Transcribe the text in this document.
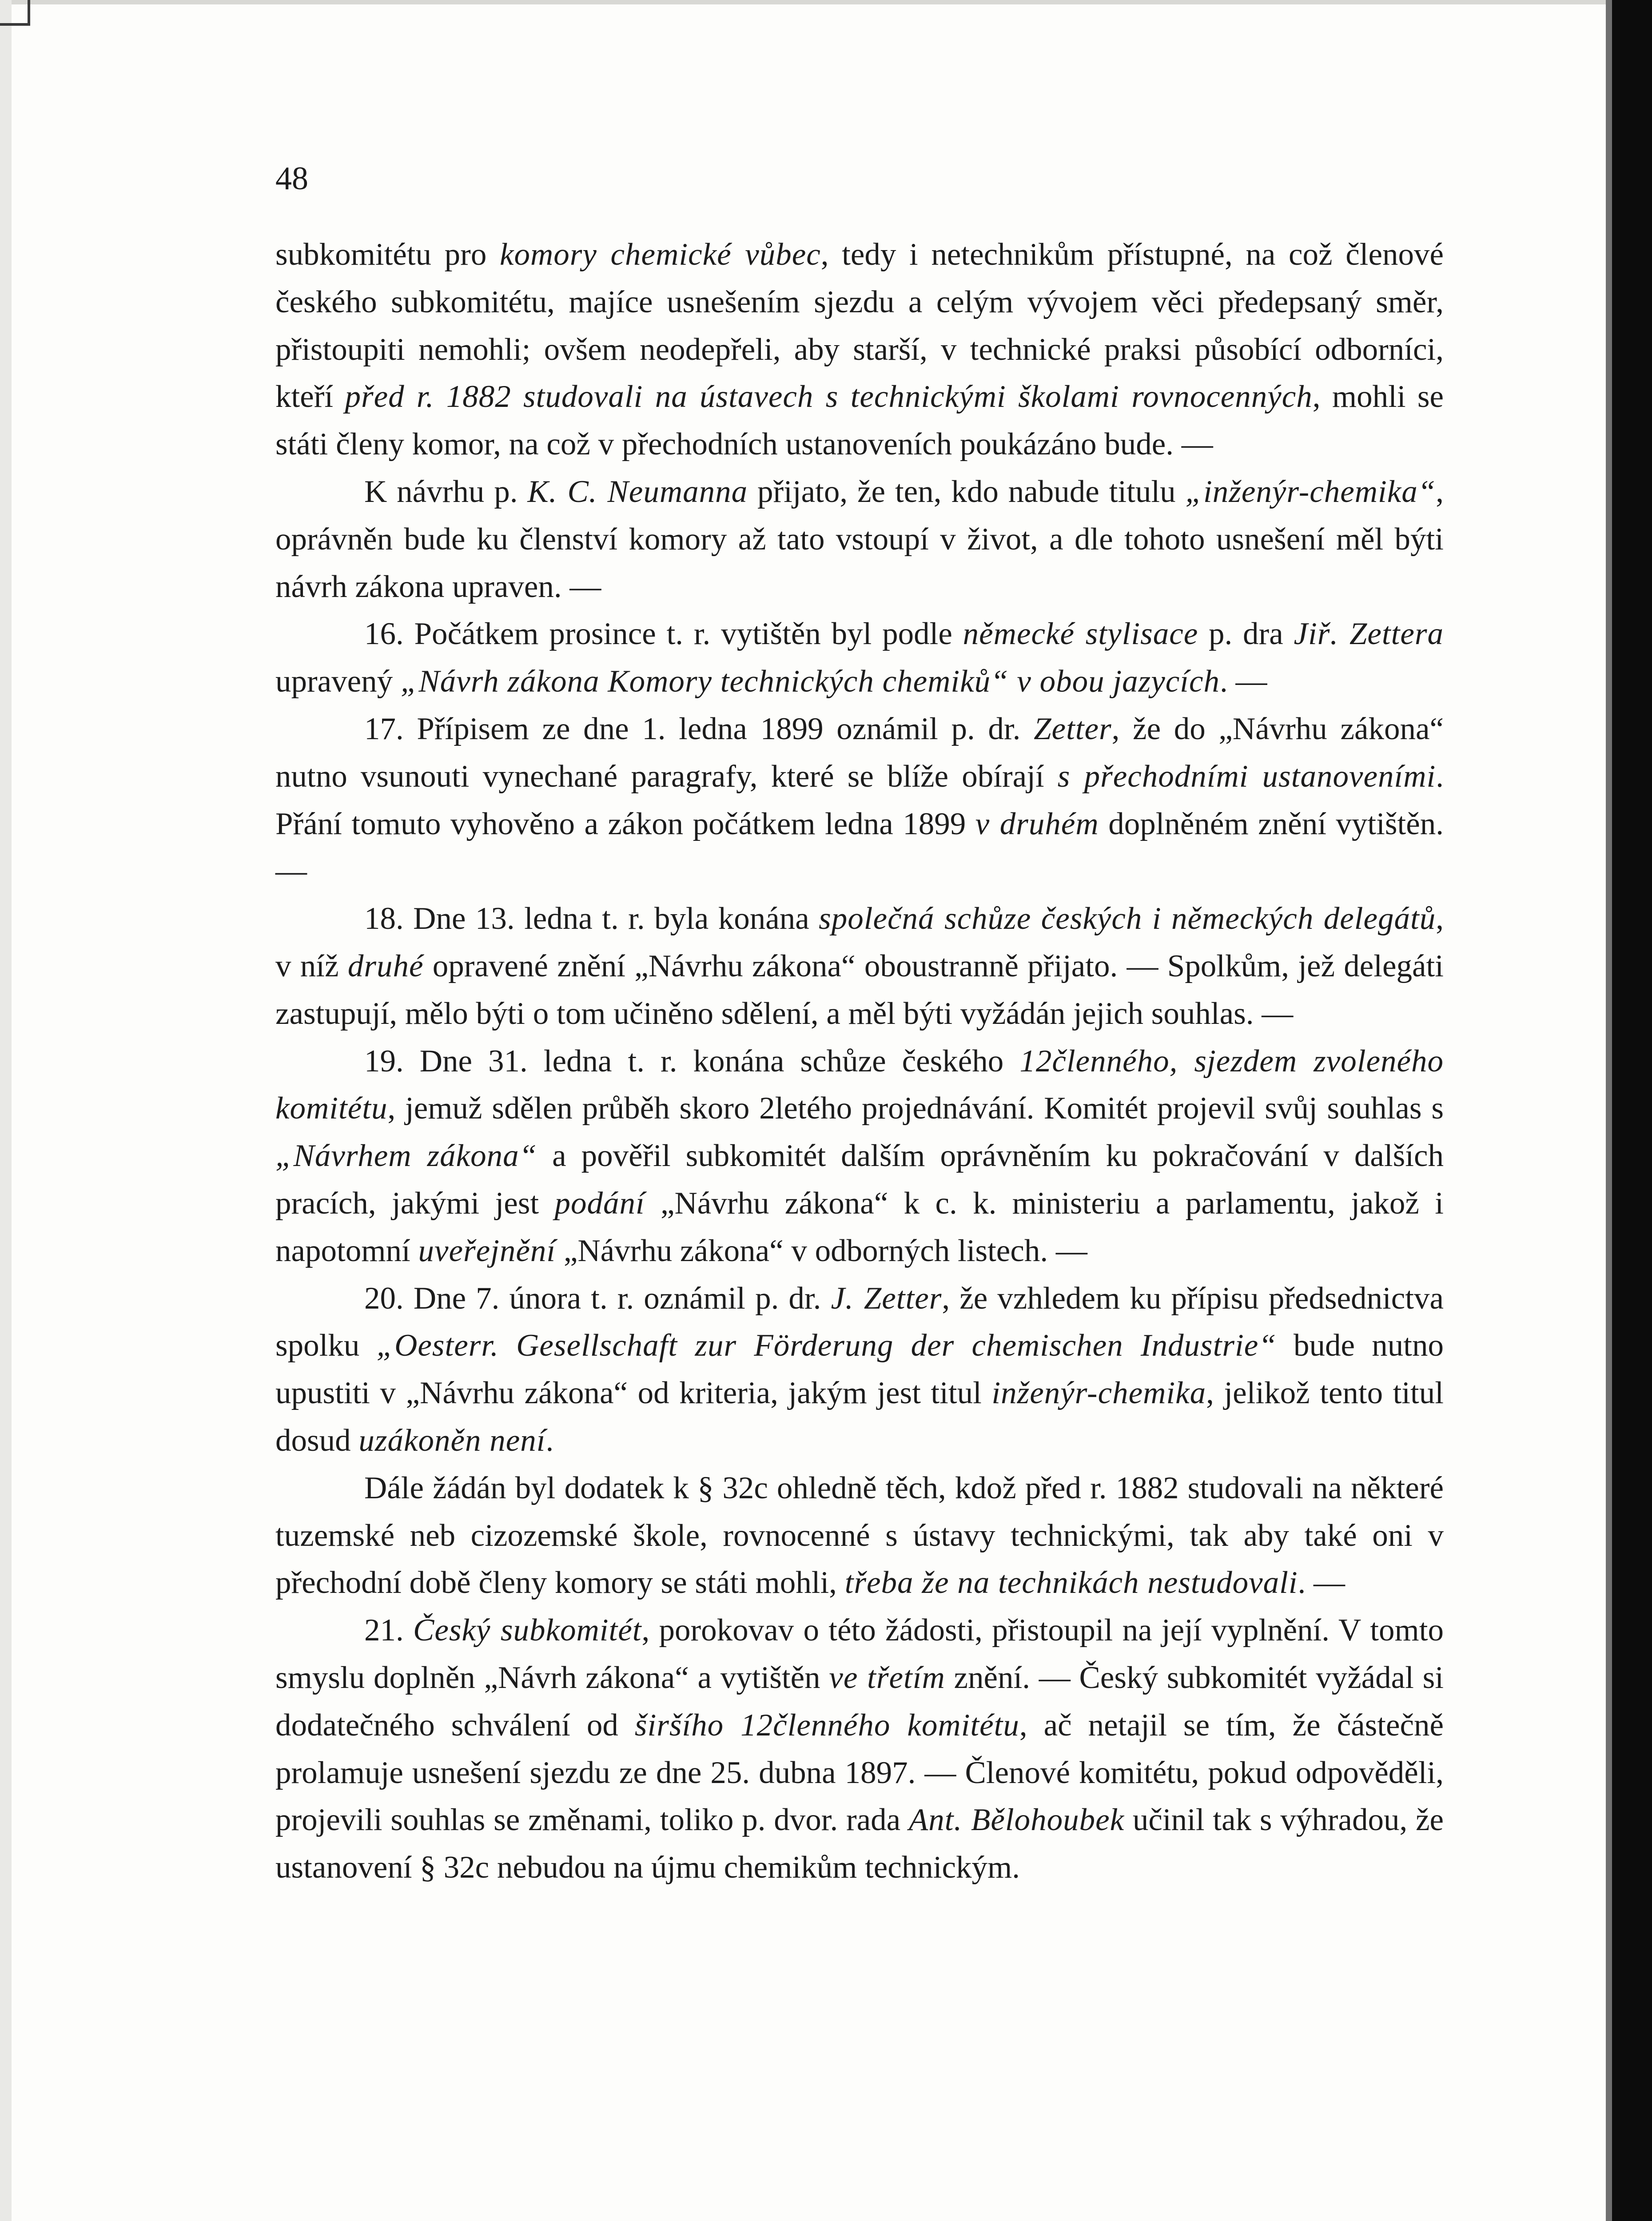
48

subkomitétu pro komory chemické vůbec, tedy i netechnikům přístupné, na což členové českého subkomitétu, majíce usnešením sjezdu a celým vývojem věci předepsaný směr, přistoupiti nemohli; ovšem neodepřeli, aby starší, v technické praksi působící odborníci, kteří před r. 1882 studovali na ústavech s technickými školami rovnocenných, mohli se státi členy komor, na což v přechodních ustanoveních poukázáno bude. —

K návrhu p. K. C. Neumanna přijato, že ten, kdo nabude titulu „inženýr-chemika“, oprávněn bude ku členství komory až tato vstoupí v život, a dle tohoto usnešení měl býti návrh zákona upraven. —

16. Počátkem prosince t. r. vytištěn byl podle německé stylisace p. dra Jiř. Zettera upravený „Návrh zákona Komory technických chemiků“ v obou jazycích. —

17. Přípisem ze dne 1. ledna 1899 oznámil p. dr. Zetter, že do „Návrhu zákona“ nutno vsunouti vynechané paragrafy, které se blíže obírají s přechodními ustanoveními. Přání tomuto vyhověno a zákon počátkem ledna 1899 v druhém doplněném znění vytištěn. —

18. Dne 13. ledna t. r. byla konána společná schůze českých i německých delegátů, v níž druhé opravené znění „Návrhu zákona“ oboustranně přijato. — Spolkům, jež delegáti zastupují, mělo býti o tom učiněno sdělení, a měl býti vyžádán jejich souhlas. —

19. Dne 31. ledna t. r. konána schůze českého 12členného, sjezdem zvoleného komitétu, jemuž sdělen průběh skoro 2letého projednávání. Komitét projevil svůj souhlas s „Návrhem zákona“ a pověřil subkomitét dalším oprávněním ku pokračování v dalších pracích, jakými jest podání „Návrhu zákona“ k c. k. ministeriu a parlamentu, jakož i napotomní uveřejnění „Návrhu zákona“ v odborných listech. —

20. Dne 7. února t. r. oznámil p. dr. J. Zetter, že vzhledem ku přípisu předsednictva spolku „Oesterr. Gesellschaft zur Förderung der chemischen Industrie“ bude nutno upustiti v „Návrhu zákona“ od kriteria, jakým jest titul inženýr-chemika, jelikož tento titul dosud uzákoněn není.

Dále žádán byl dodatek k § 32c ohledně těch, kdož před r. 1882 studovali na některé tuzemské neb cizozemské škole, rovnocenné s ústavy technickými, tak aby také oni v přechodní době členy komory se státi mohli, třeba že na technikách nestudovali. —

21. Český subkomitét, porokovav o této žádosti, přistoupil na její vyplnění. V tomto smyslu doplněn „Návrh zákona“ a vytištěn ve třetím znění. — Český subkomitét vyžádal si dodatečného schválení od širšího 12členného komitétu, ač netajil se tím, že částečně prolamuje usnešení sjezdu ze dne 25. dubna 1897. — Členové komitétu, pokud odpověděli, projevili souhlas se změnami, toliko p. dvor. rada Ant. Bělohoubek učinil tak s výhradou, že ustanovení § 32c nebudou na újmu chemikům technickým.
